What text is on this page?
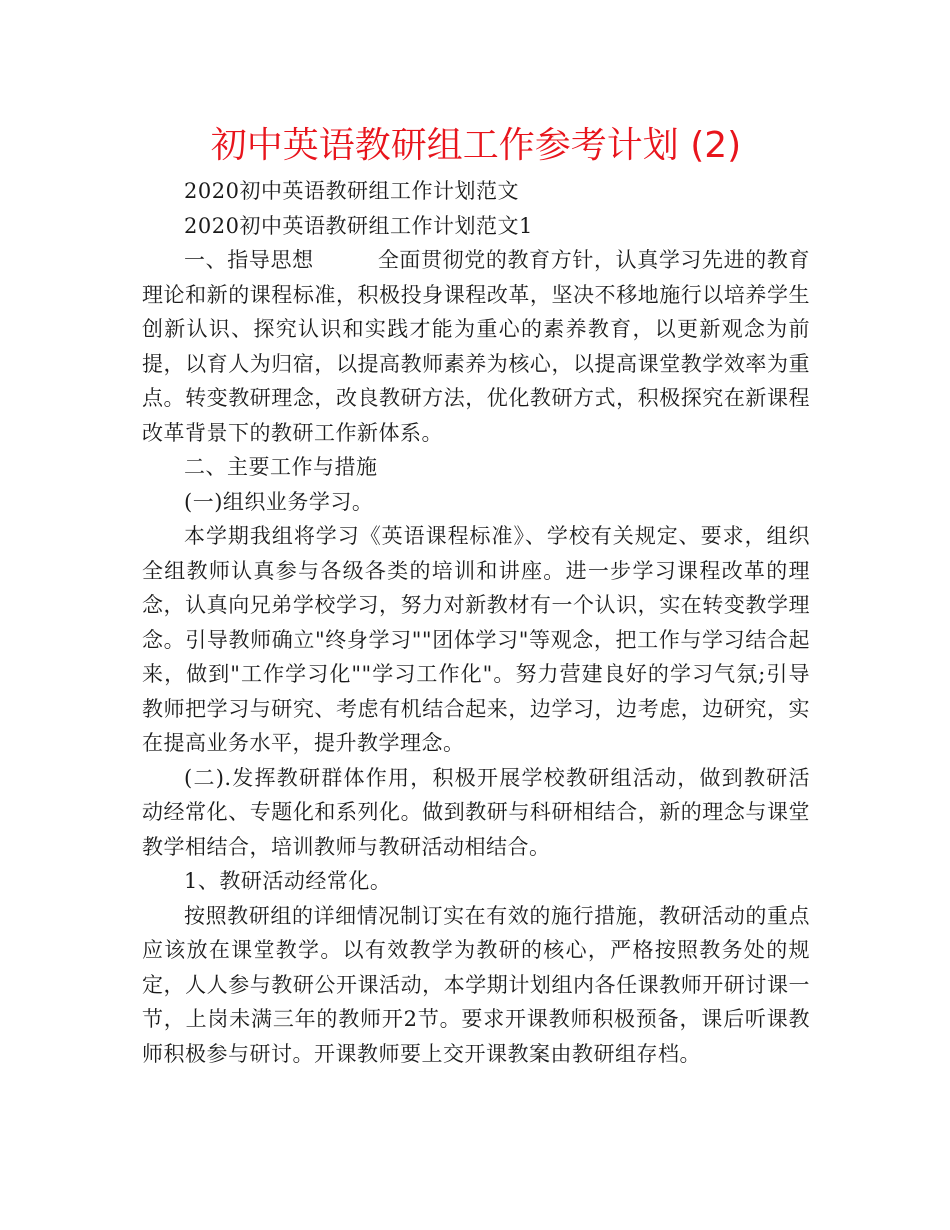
初中英语教研组工作参考计划 (2)

2020初中英语教研组工作计划范文

2020初中英语教研组工作计划范文1

一、指导思想	全面贯彻党的教育方针，认真学习先进的教育理论和新的课程标准，积极投身课程改革，坚决不移地施行以培养学生创新认识、探究认识和实践才能为重心的素养教育，以更新观念为前提，以育人为归宿，以提高教师素养为核心，以提高课堂教学效率为重点。转变教研理念，改良教研方法，优化教研方式，积极探究在新课程改革背景下的教研工作新体系。

二、主要工作与措施

(一)组织业务学习。

本学期我组将学习《英语课程标准》、学校有关规定、要求，组织全组教师认真参与各级各类的培训和讲座。进一步学习课程改革的理念，认真向兄弟学校学习，努力对新教材有一个认识，实在转变教学理念。引导教师确立"终身学习""团体学习"等观念，把工作与学习结合起来，做到"工作学习化""学习工作化"。努力营建良好的学习气氛;引导教师把学习与研究、考虑有机结合起来，边学习，边考虑，边研究，实在提高业务水平，提升教学理念。

(二).发挥教研群体作用，积极开展学校教研组活动，做到教研活动经常化、专题化和系列化。做到教研与科研相结合，新的理念与课堂教学相结合，培训教师与教研活动相结合。

1、教研活动经常化。

按照教研组的详细情况制订实在有效的施行措施，教研活动的重点应该放在课堂教学。以有效教学为教研的核心，严格按照教务处的规定，人人参与教研公开课活动，本学期计划组内各任课教师开研讨课一节，上岗未满三年的教师开2节。要求开课教师积极预备，课后听课教师积极参与研讨。开课教师要上交开课教案由教研组存档。
